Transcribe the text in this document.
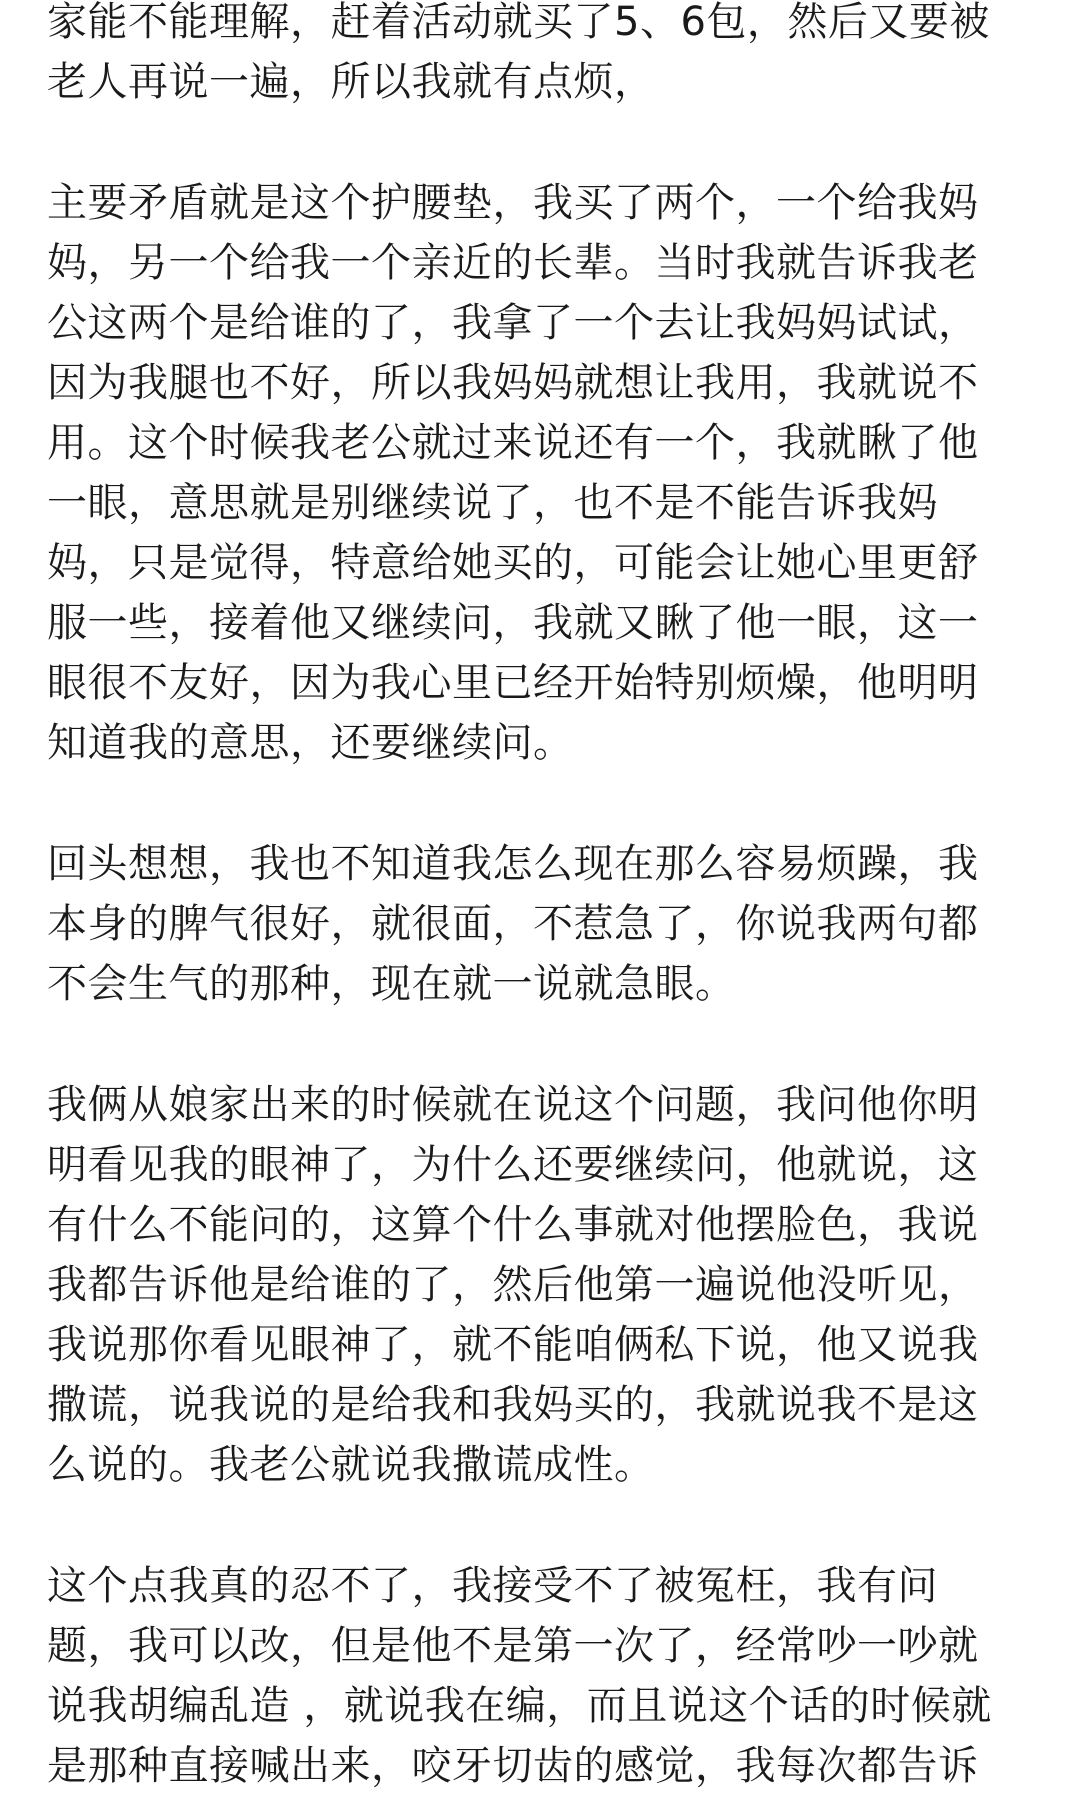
家能不能理解，赶着活动就买了5、6包，然后又要被
老人再说一遍，所以我就有点烦，
主要矛盾就是这个护腰垫，我买了两个，一个给我妈
妈，另一个给我一个亲近的长辈。当时我就告诉我老
公这两个是给谁的了，我拿了一个去让我妈妈试试，
因为我腿也不好，所以我妈妈就想让我用，我就说不
用。这个时候我老公就过来说还有一个，我就瞅了他
一眼，意思就是别继续说了，也不是不能告诉我妈
妈，只是觉得，特意给她买的，可能会让她心里更舒
服一些，接着他又继续问，我就又瞅了他一眼，这一
眼很不友好，因为我心里已经开始特别烦燥，他明明
知道我的意思，还要继续问。
回头想想，我也不知道我怎么现在那么容易烦躁，我
本身的脾气很好，就很面，不惹急了，你说我两句都
不会生气的那种，现在就一说就急眼。
我俩从娘家出来的时候就在说这个问题，我问他你明
明看见我的眼神了，为什么还要继续问，他就说，这
有什么不能问的，这算个什么事就对他摆脸色，我说
我都告诉他是给谁的了，然后他第一遍说他没听见，
我说那你看见眼神了，就不能咱俩私下说，他又说我
撒谎，说我说的是给我和我妈买的，我就说我不是这
么说的。我老公就说我撒谎成性。
这个点我真的忍不了，我接受不了被冤枉，我有问
题，我可以改，但是他不是第一次了，经常吵一吵就
说我胡编乱造 ，就说我在编，而且说这个话的时候就
是那种直接喊出来，咬牙切齿的感觉，我每次都告诉
